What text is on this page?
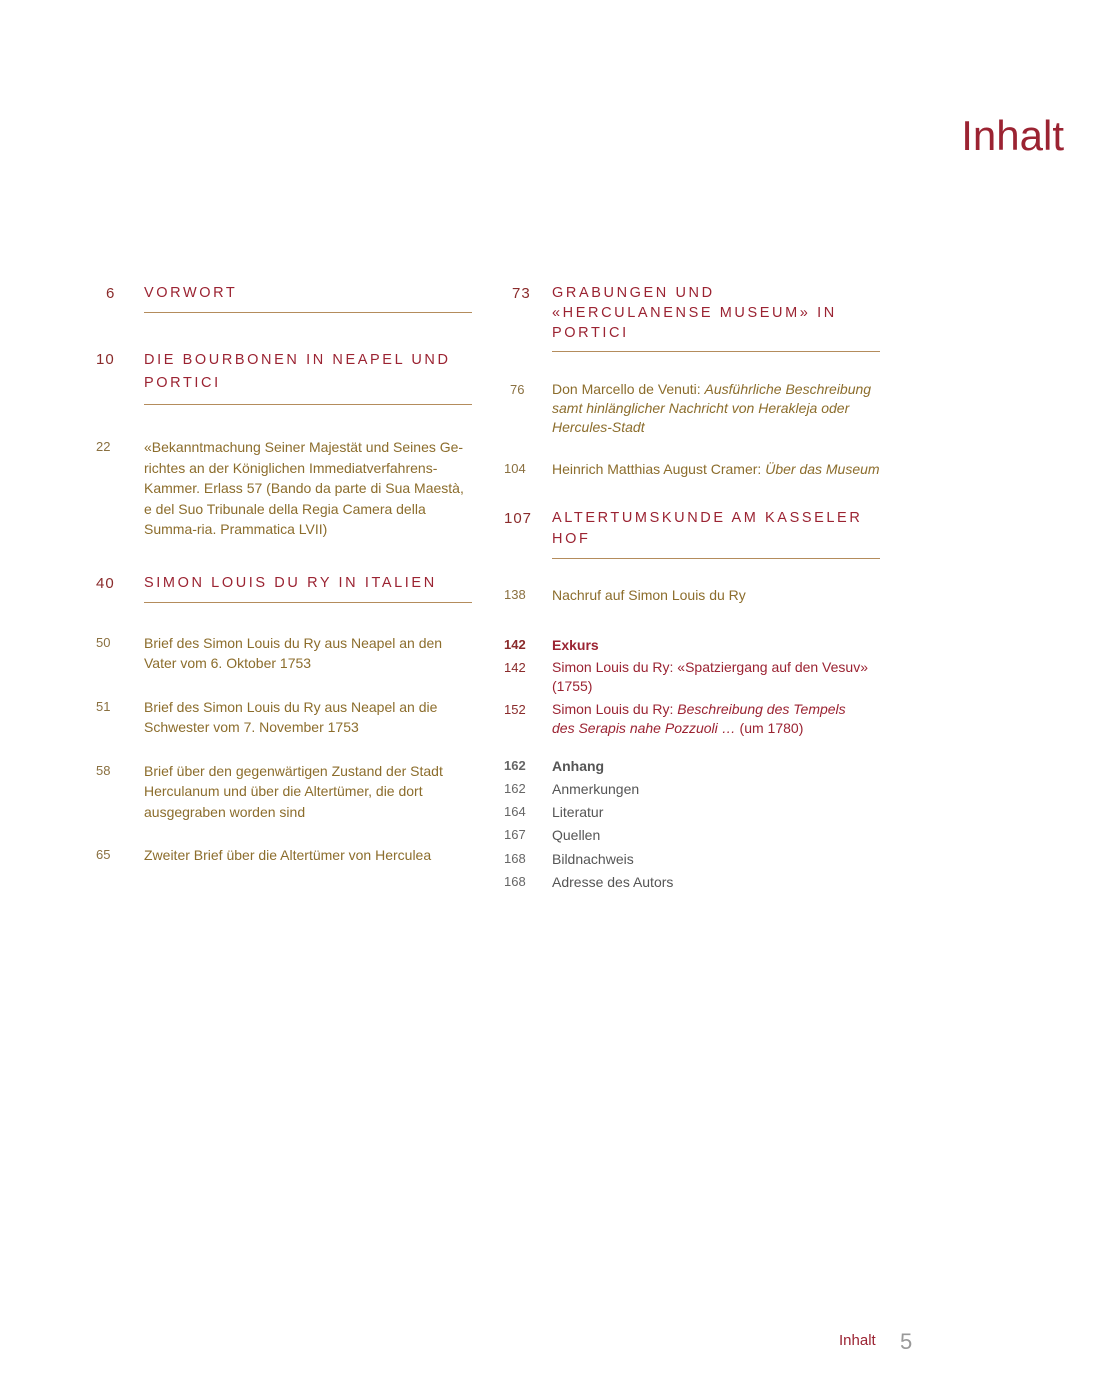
Inhalt
6	VORWORT
10	DIE BOURBONEN IN NEAPEL UND PORTICI
22	«Bekanntmachung Seiner Majestät und Seines Ge-richtes an der Königlichen Immediatverfahrens-Kammer. Erlass 57 (Bando da parte di Sua Maestà, e del Suo Tribunale della Regia Camera della Summa-ria. Prammatica LVII)
40	SIMON LOUIS DU RY IN ITALIEN
50	Brief des Simon Louis du Ry aus Neapel an den Vater vom 6. Oktober 1753
51	Brief des Simon Louis du Ry aus Neapel an die Schwester vom 7. November 1753
58	Brief über den gegenwärtigen Zustand der Stadt Herculanum und über die Altertümer, die dort ausgegraben worden sind
65	Zweiter Brief über die Altertümer von Herculea
73	GRABUNGEN UND «HERCULANENSE MUSEUM» IN PORTICI
76	Don Marcello de Venuti: Ausführliche Beschreibung samt hinlänglicher Nachricht von Herakleja oder Hercules-Stadt
104	Heinrich Matthias August Cramer: Über das Museum
107	ALTERTUMSKUNDE AM KASSELER HOF
138	Nachruf auf Simon Louis du Ry
142	Exkurs
142	Simon Louis du Ry: «Spatziergang auf den Vesuv» (1755)
152	Simon Louis du Ry: Beschreibung des Tempels des Serapis nahe Pozzuoli … (um 1780)
162	Anhang
162	Anmerkungen
164	Literatur
167	Quellen
168	Bildnachweis
168	Adresse des Autors
Inhalt 5
